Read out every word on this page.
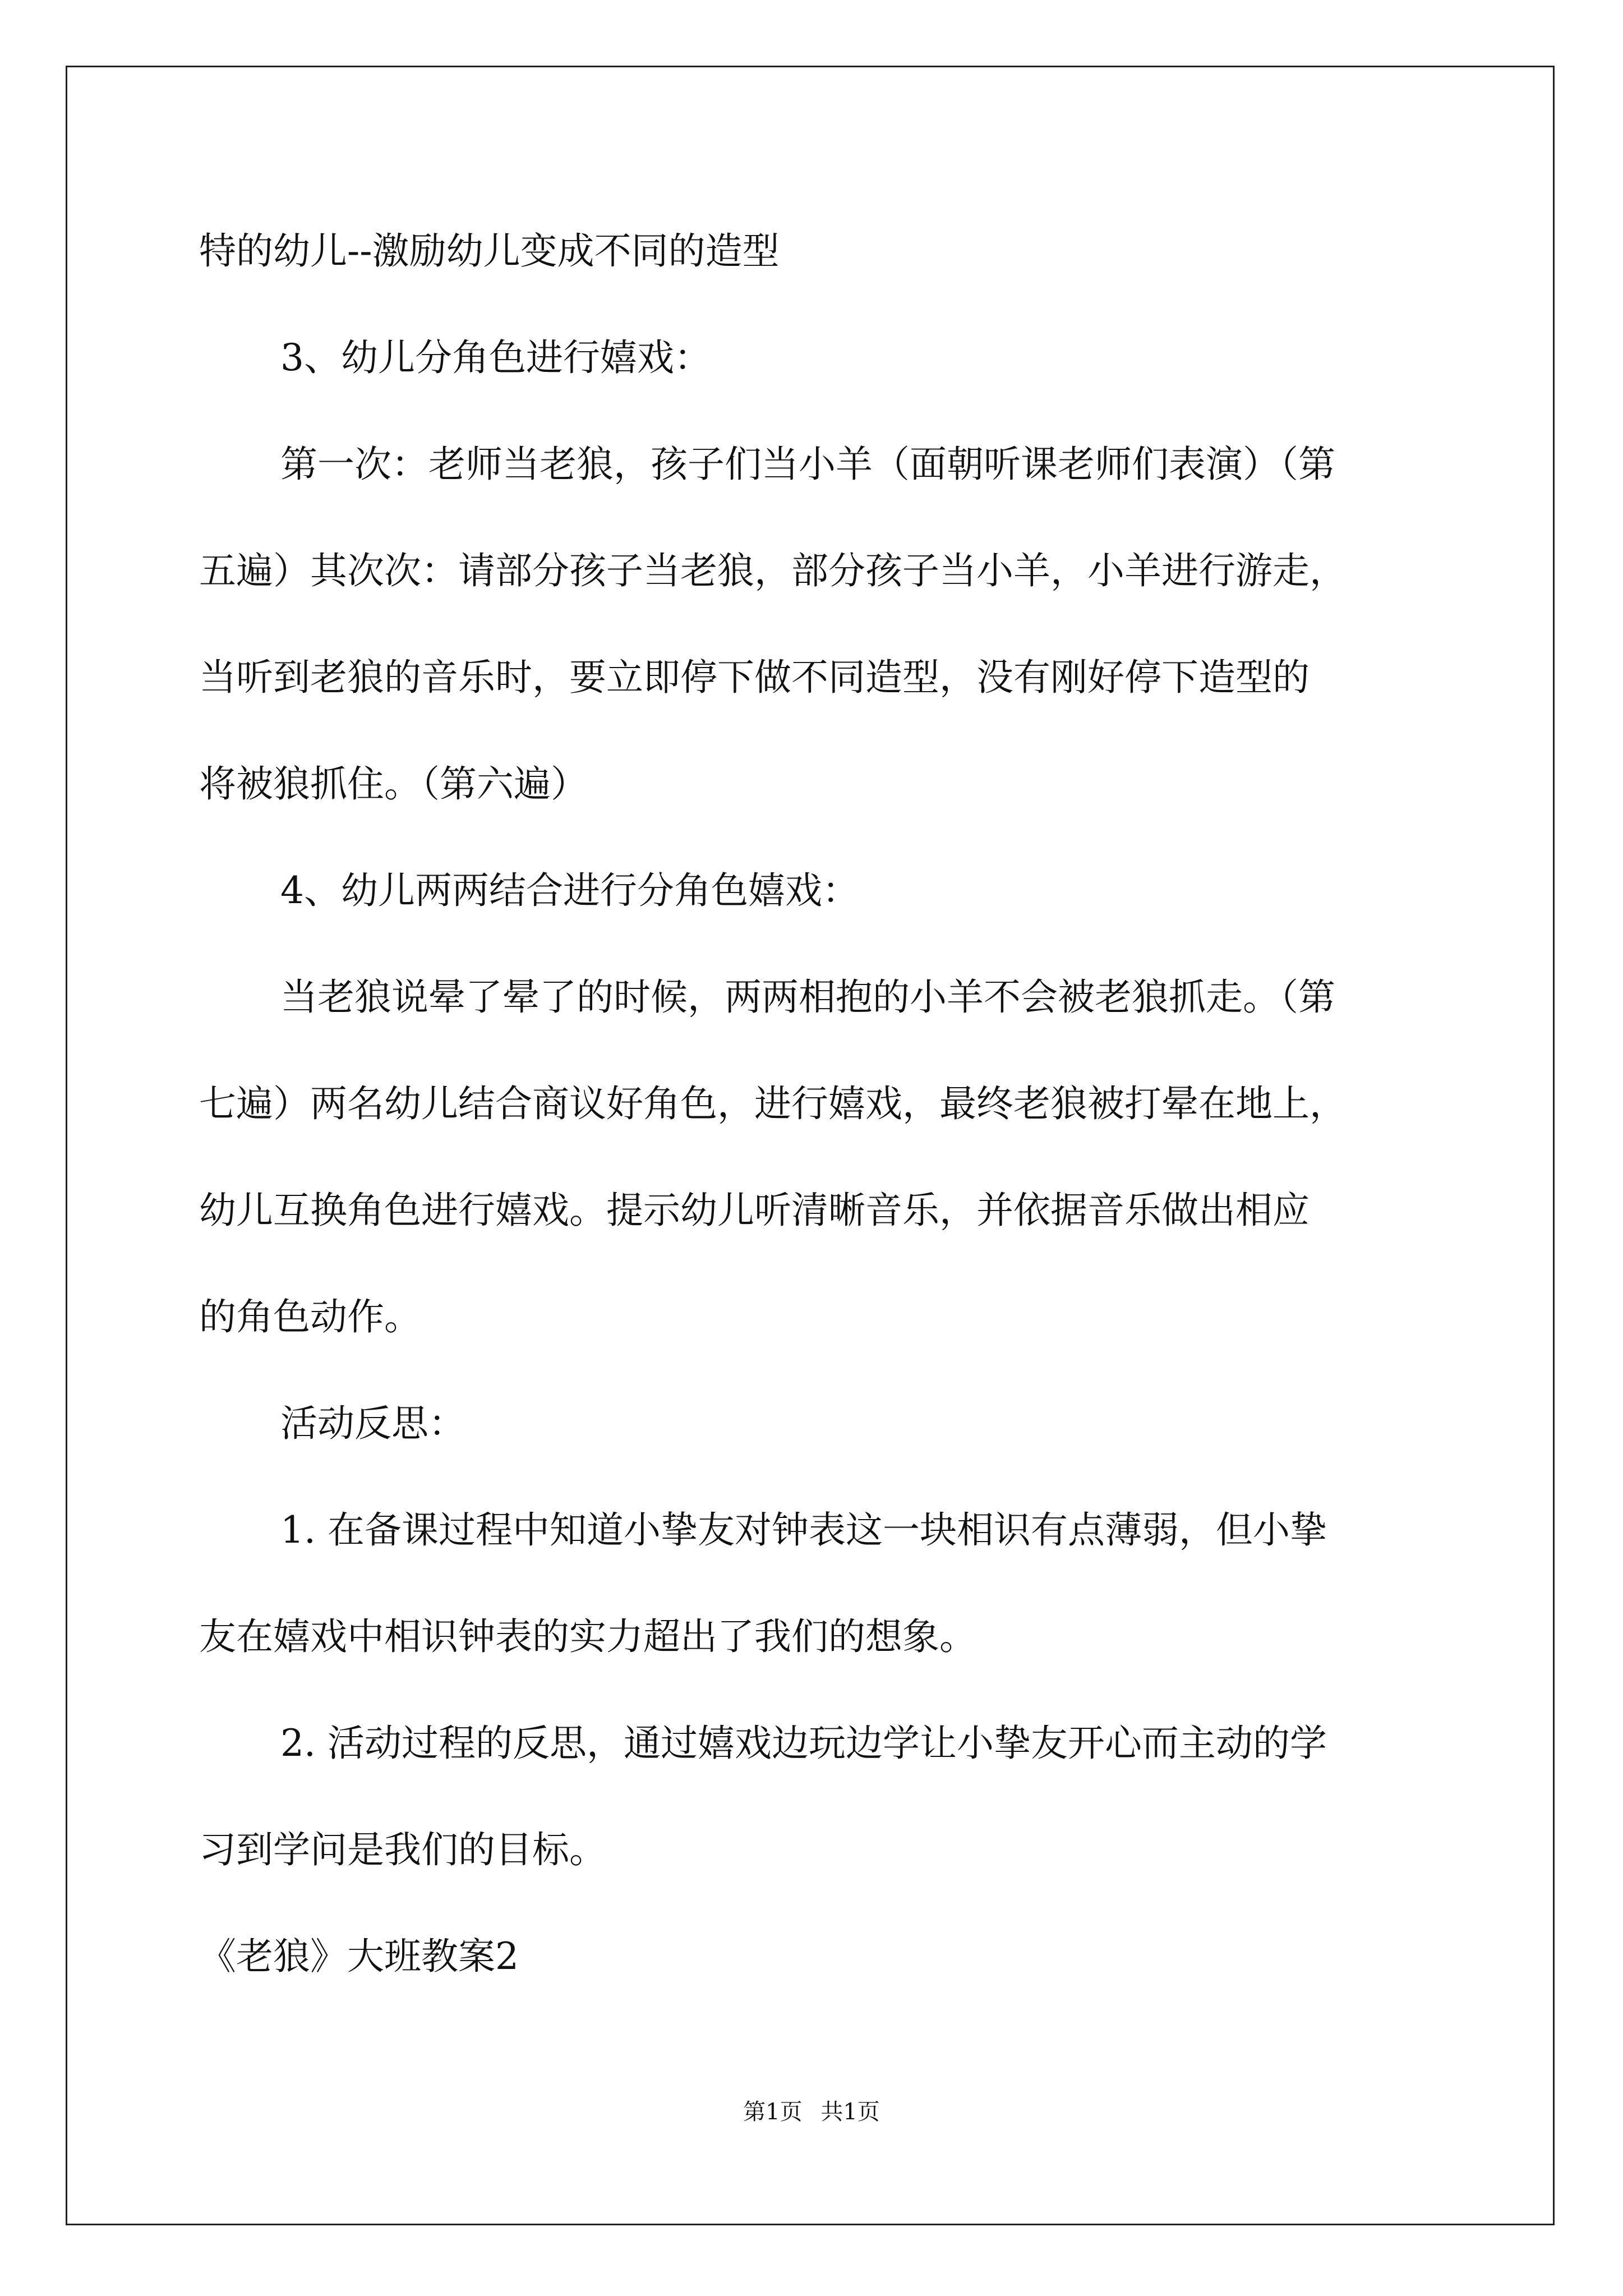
特的幼儿--激励幼儿变成不同的造型
3、幼儿分角色进行嬉戏：
第一次：老师当老狼，孩子们当小羊（面朝听课老师们表演）（第
五遍）其次次：请部分孩子当老狼，部分孩子当小羊，小羊进行游走，
当听到老狼的音乐时，要立即停下做不同造型，没有刚好停下造型的
将被狼抓住。（第六遍）
4、幼儿两两结合进行分角色嬉戏：
当老狼说晕了晕了的时候，两两相抱的小羊不会被老狼抓走。（第
七遍）两名幼儿结合商议好角色，进行嬉戏，最终老狼被打晕在地上，
幼儿互换角色进行嬉戏。提示幼儿听清晰音乐，并依据音乐做出相应
的角色动作。
活动反思：
1. 在备课过程中知道小挚友对钟表这一块相识有点薄弱，但小挚
友在嬉戏中相识钟表的实力超出了我们的想象。
2. 活动过程的反思，通过嬉戏边玩边学让小挚友开心而主动的学
习到学问是我们的目标。
《老狼》大班教案2
第1页 共1页
